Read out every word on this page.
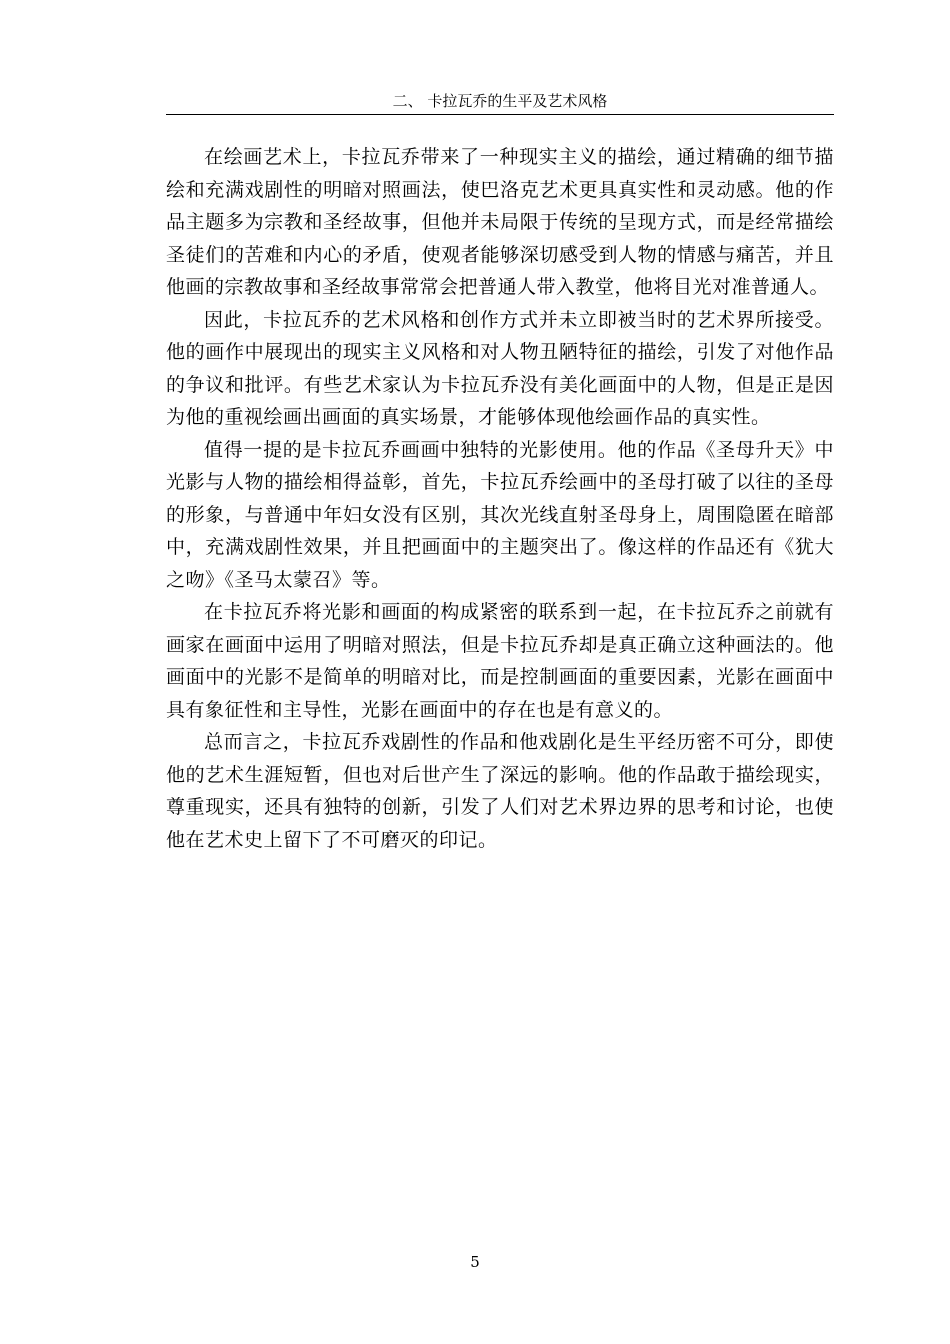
二、 卡拉瓦乔的生平及艺术风格

在绘画艺术上，卡拉瓦乔带来了一种现实主义的描绘，通过精确的细节描绘和充满戏剧性的明暗对照画法，使巴洛克艺术更具真实性和灵动感。他的作品主题多为宗教和圣经故事，但他并未局限于传统的呈现方式，而是经常描绘圣徒们的苦难和内心的矛盾，使观者能够深切感受到人物的情感与痛苦，并且他画的宗教故事和圣经故事常常会把普通人带入教堂，他将目光对准普通人。

因此，卡拉瓦乔的艺术风格和创作方式并未立即被当时的艺术界所接受。他的画作中展现出的现实主义风格和对人物丑陋特征的描绘，引发了对他作品的争议和批评。有些艺术家认为卡拉瓦乔没有美化画面中的人物，但是正是因为他的重视绘画出画面的真实场景，才能够体现他绘画作品的真实性。

值得一提的是卡拉瓦乔画画中独特的光影使用。他的作品《圣母升天》中光影与人物的描绘相得益彰，首先，卡拉瓦乔绘画中的圣母打破了以往的圣母的形象，与普通中年妇女没有区别，其次光线直射圣母身上，周围隐匿在暗部中，充满戏剧性效果，并且把画面中的主题突出了。像这样的作品还有《犹大之吻》《圣马太蒙召》等。

在卡拉瓦乔将光影和画面的构成紧密的联系到一起，在卡拉瓦乔之前就有画家在画面中运用了明暗对照法，但是卡拉瓦乔却是真正确立这种画法的。他画面中的光影不是简单的明暗对比，而是控制画面的重要因素，光影在画面中具有象征性和主导性，光影在画面中的存在也是有意义的。

总而言之，卡拉瓦乔戏剧性的作品和他戏剧化是生平经历密不可分，即使他的艺术生涯短暂，但也对后世产生了深远的影响。他的作品敢于描绘现实，尊重现实，还具有独特的创新，引发了人们对艺术界边界的思考和讨论，也使他在艺术史上留下了不可磨灭的印记。

5
